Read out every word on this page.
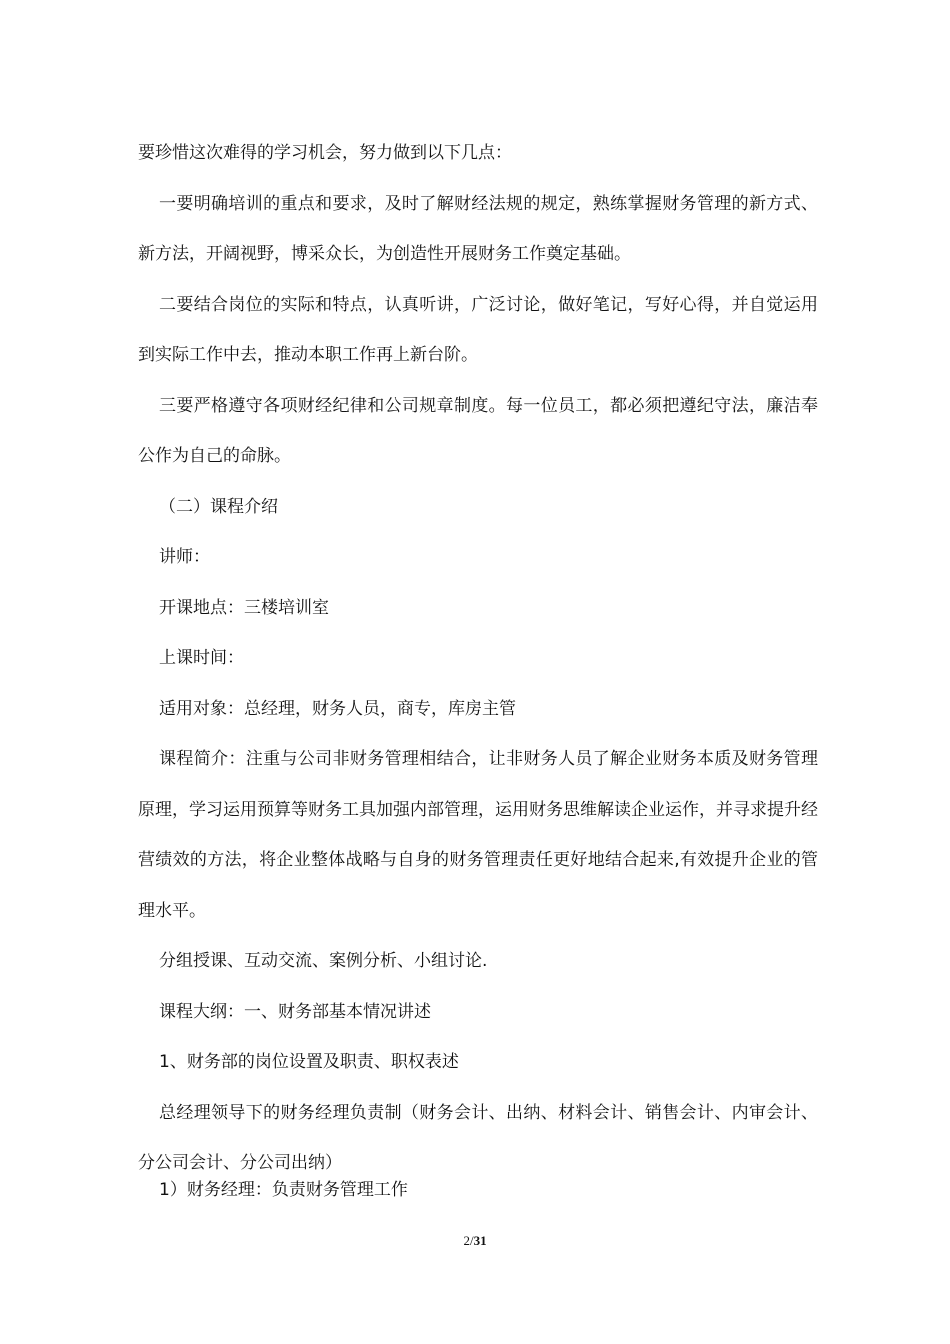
要珍惜这次难得的学习机会，努力做到以下几点：

一要明确培训的重点和要求，及时了解财经法规的规定，熟练掌握财务管理的新方式、新方法，开阔视野，博采众长，为创造性开展财务工作奠定基础。

二要结合岗位的实际和特点，认真听讲，广泛讨论，做好笔记，写好心得，并自觉运用到实际工作中去，推动本职工作再上新台阶。

三要严格遵守各项财经纪律和公司规章制度。每一位员工，都必须把遵纪守法，廉洁奉公作为自己的命脉。

（二）课程介绍

讲师：

开课地点：三楼培训室

上课时间：

适用对象：总经理，财务人员，商专，库房主管

课程简介：注重与公司非财务管理相结合，让非财务人员了解企业财务本质及财务管理原理，学习运用预算等财务工具加强内部管理，运用财务思维解读企业运作，并寻求提升经营绩效的方法，将企业整体战略与自身的财务管理责任更好地结合起来,有效提升企业的管理水平。

分组授课、互动交流、案例分析、小组讨论.

课程大纲：一、财务部基本情况讲述

1、财务部的岗位设置及职责、职权表述

总经理领导下的财务经理负责制（财务会计、出纳、材料会计、销售会计、内审会计、分公司会计、分公司出纳）

1）财务经理：负责财务管理工作

2/31
